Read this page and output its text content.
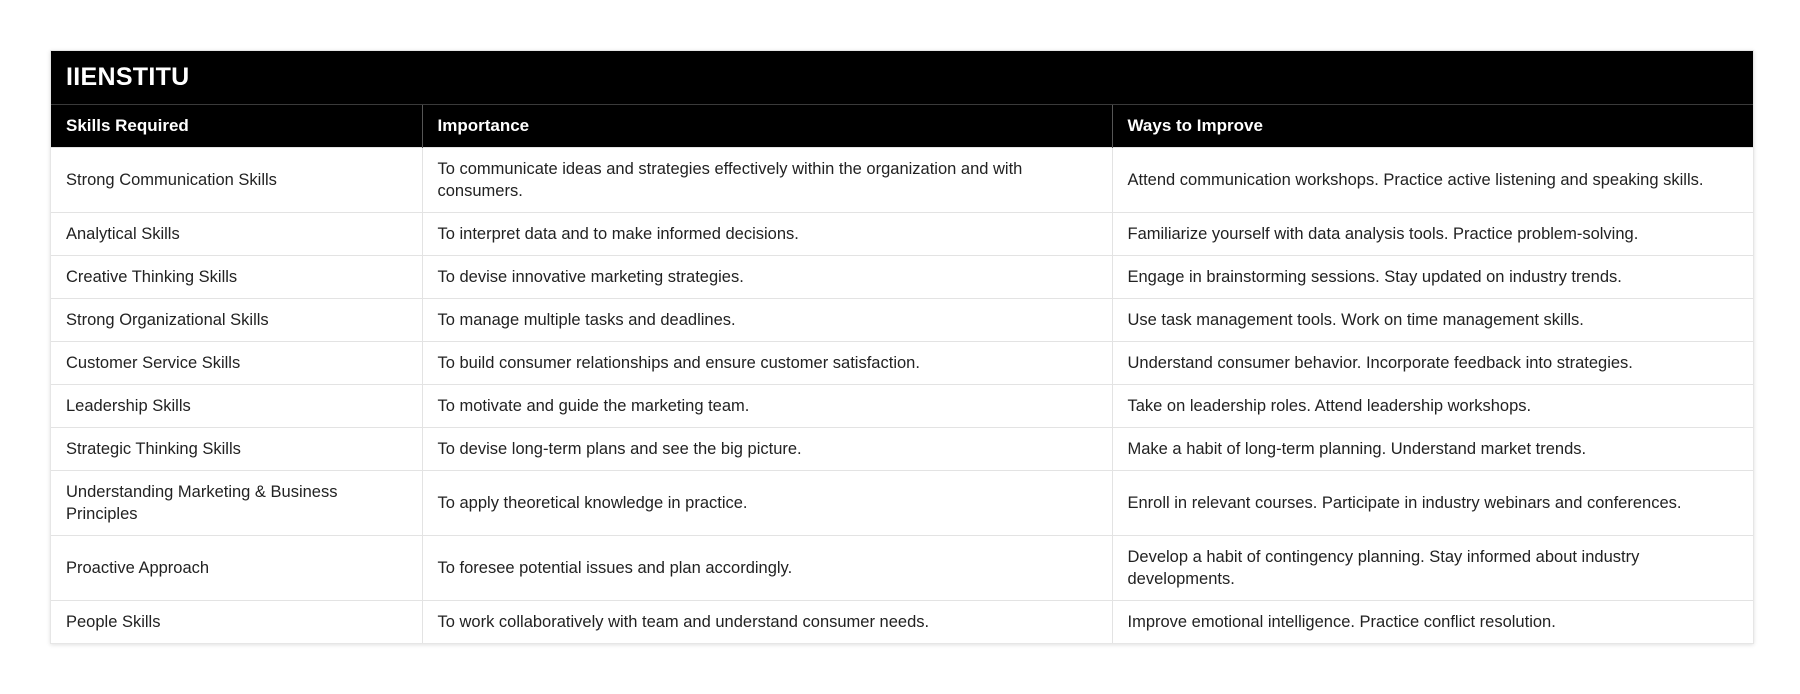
IIENSTITU
Skills Required	Importance	Ways to Improve
Strong Communication Skills	To communicate ideas and strategies effectively within the organization and with consumers.	Attend communication workshops. Practice active listening and speaking skills.
Analytical Skills	To interpret data and to make informed decisions.	Familiarize yourself with data analysis tools. Practice problem-solving.
Creative Thinking Skills	To devise innovative marketing strategies.	Engage in brainstorming sessions. Stay updated on industry trends.
Strong Organizational Skills	To manage multiple tasks and deadlines.	Use task management tools. Work on time management skills.
Customer Service Skills	To build consumer relationships and ensure customer satisfaction.	Understand consumer behavior. Incorporate feedback into strategies.
Leadership Skills	To motivate and guide the marketing team.	Take on leadership roles. Attend leadership workshops.
Strategic Thinking Skills	To devise long-term plans and see the big picture.	Make a habit of long-term planning. Understand market trends.
Understanding Marketing & Business Principles	To apply theoretical knowledge in practice.	Enroll in relevant courses. Participate in industry webinars and conferences.
Proactive Approach	To foresee potential issues and plan accordingly.	Develop a habit of contingency planning. Stay informed about industry developments.
People Skills	To work collaboratively with team and understand consumer needs.	Improve emotional intelligence. Practice conflict resolution.
